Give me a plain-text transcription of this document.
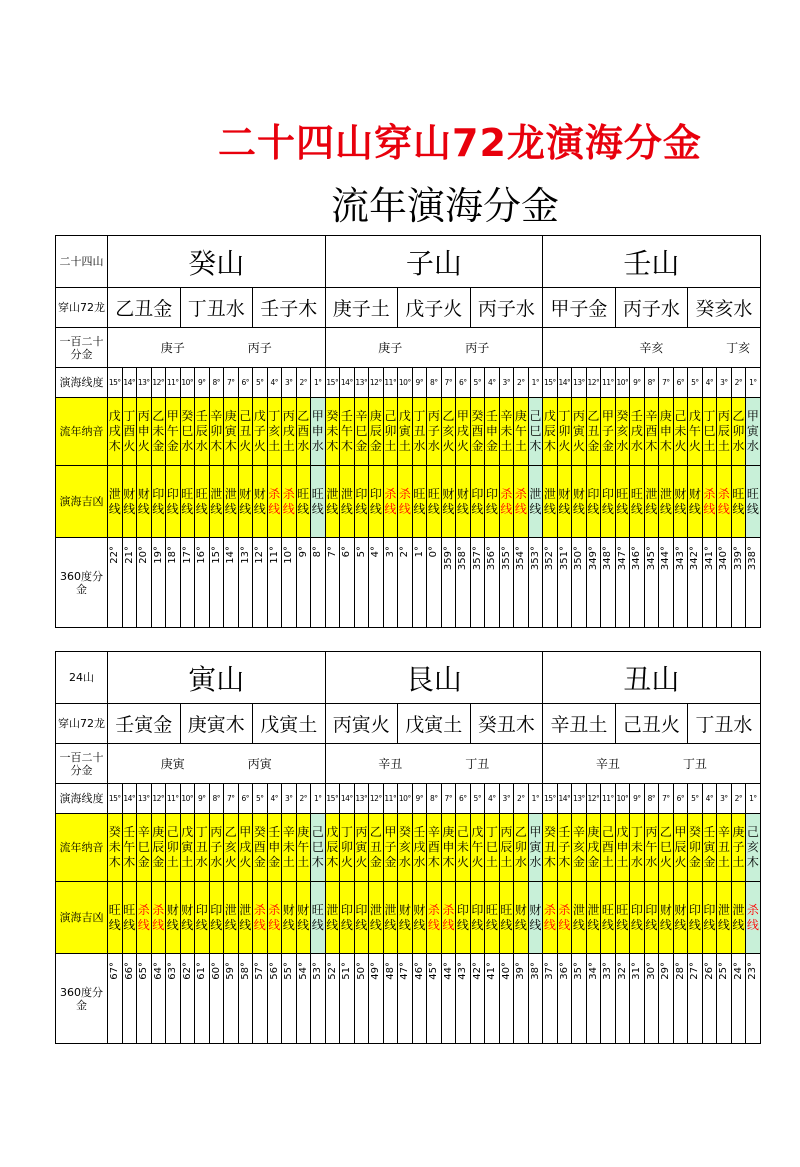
二十四山穿山72龙演海分金
流年演海分金
二十四山	癸山															子山															壬山														
穿山72龙	乙丑金					丁丑水					壬子木					庚子土					戊子火					丙子水					甲子金					丙子水					癸亥水				
一百二十分金				庚子						丙子									庚子						丙子												辛亥						丁亥		
演海线度	15°	14°	13°	12°	11°	10°	9°	8°	7°	6°	5°	4°	3°	2°	1°	15°	14°	13°	12°	11°	10°	9°	8°	7°	6°	5°	4°	3°	2°	1°	15°	14°	13°	12°	11°	10°	9°	8°	7°	6°	5°	4°	3°	2°	1°
流年纳音	戊戌木	丁酉火	丙申火	乙未金	甲午金	癸巳水	壬辰水	辛卯木	庚寅木	己丑火	戊子火	丁亥土	丙戌土	乙酉水	甲申水	癸未木	壬午木	辛巳金	庚辰金	己卯土	戊寅土	丁丑水	丙子水	乙亥火	甲戌火	癸酉金	壬申金	辛未土	庚午土	己巳木	戊辰木	丁卯火	丙寅火	乙丑金	甲子金	癸亥水	壬戌水	辛酉木	庚申木	己未火	戊午火	丁巳土	丙辰土	乙卯水	甲寅水

演海吉凶	泄线	财线	财线	印线	印线	旺线	旺线	泄线	泄线	财线	财线	杀线	杀线	旺线	旺线	泄线	泄线	印线	印线	杀线	杀线	旺线	旺线	财线	财线	印线	印线	杀线	杀线	泄线	泄线	财线	财线	印线	印线	旺线	旺线	泄线	泄线	财线	财线	杀线	杀线	旺线	旺线

360度分金	22°	21°	20°	19°	18°	17°	16°	15°	14°	13°	12°	11°	10°	9°	8°	7°	6°	5°	4°	3°	2°	1°	0°	359°	358°	357°	356°	355°	354°	353°	352°	351°	350°	349°	348°	347°	346°	345°	344°	343°	342°	341°	340°	339°	338°
24山	寅山															艮山															丑山														
穿山72龙	壬寅金					庚寅木					戊寅土					丙寅火					戊寅土					癸丑木					辛丑土					己丑火					丁丑水				
一百二十分金				庚寅						丙寅									辛丑						丁丑									辛丑						丁丑					
演海线度	15°	14°	13°	12°	11°	10°	9°	8°	7°	6°	5°	4°	3°	2°	1°	15°	14°	13°	12°	11°	10°	9°	8°	7°	6°	5°	4°	3°	2°	1°	15°	14°	13°	12°	11°	10°	9°	8°	7°	6°	5°	4°	3°	2°	1°
流年纳音	癸未木	壬午木	辛巳金	庚辰金	己卯土	戊寅土	丁丑水	丙子水	乙亥火	甲戌火	癸酉金	壬申金	辛未土	庚午土	己巳木	戊辰木	丁卯火	丙寅火	乙丑金	甲子金	癸亥水	壬戌水	辛酉木	庚申木	己未火	戊午火	丁巳土	丙辰土	乙卯水	甲寅水	癸丑木	壬子木	辛亥金	庚戌金	己酉土	戊申土	丁未水	丙午水	乙巳火	甲辰火	癸卯金	壬寅金	辛丑土	庚子土	己亥木

演海吉凶	旺线	旺线	杀线	杀线	财线	财线	印线	印线	泄线	泄线	杀线	杀线	财线	财线	旺线	泄线	印线	印线	泄线	泄线	财线	财线	杀线	杀线	印线	印线	旺线	旺线	财线	财线	杀线	杀线	泄线	泄线	旺线	旺线	印线	印线	财线	财线	印线	印线	泄线	泄线	杀线

360度分金	67°	66°	65°	64°	63°	62°	61°	60°	59°	58°	57°	56°	55°	54°	53°	52°	51°	50°	49°	48°	47°	46°	45°	44°	43°	42°	41°	40°	39°	38°	37°	36°	35°	34°	33°	32°	31°	30°	29°	28°	27°	26°	25°	24°	23°
